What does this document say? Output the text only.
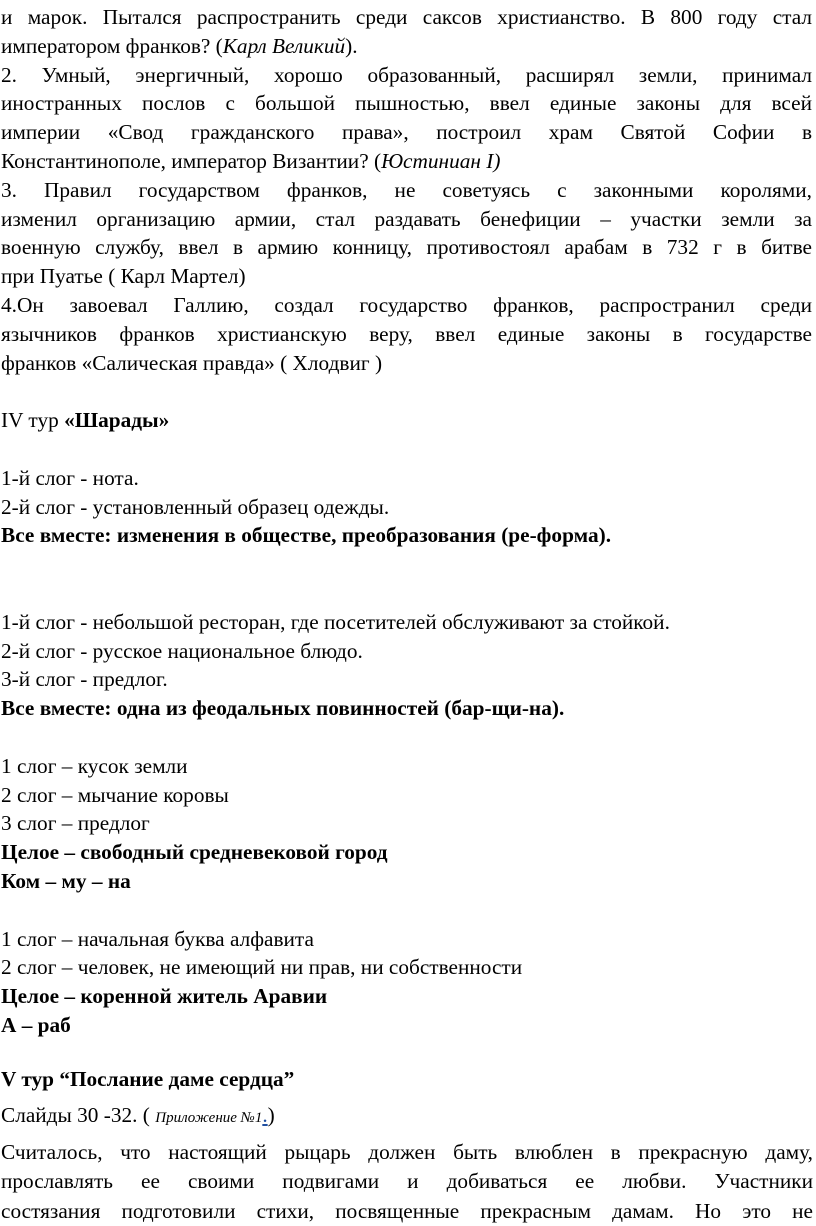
и марок. Пытался распространить среди саксов христианство. В 800 году стал
императором франков? (Карл Великий).
2. Умный, энергичный, хорошо образованный, расширял земли, принимал
иностранных послов с большой пышностью, ввел единые законы для всей
империи «Свод гражданского права», построил храм Святой Софии в
Константинополе, император Византии? (Юстиниан I)
3. Правил государством франков, не советуясь с законными королями,
изменил организацию армии, стал раздавать бенефиции – участки земли за
военную службу, ввел в армию конницу, противостоял арабам в 732 г в битве
при Пуатье ( Карл Мартел)
4.Он завоевал Галлию, создал государство франков, распространил среди
язычников франков христианскую веру, ввел единые законы в государстве
франков «Салическая правда» ( Хлодвиг )
IV тур «Шарады»
1-й слог - нота.
2-й слог - установленный образец одежды.
Все вместе: изменения в обществе, преобразования (ре-форма).
1-й слог - небольшой ресторан, где посетителей обслуживают за стойкой.
2-й слог - русское национальное блюдо.
3-й слог - предлог.
Все вместе: одна из феодальных повинностей (бар-щи-на).
1 слог – кусок земли
2 слог – мычание коровы
3 слог – предлог
Целое – свободный средневековой город
Ком – му – на
1 слог – начальная буква алфавита
2 слог – человек, не имеющий ни прав, ни собственности
Целое – коренной житель Аравии
А – раб
V тур “Послание даме сердца”
Слайды 30 -32. ( Приложение №1.)
Считалось, что настоящий рыцарь должен быть влюблен в прекрасную даму,
прославлять ее своими подвигами и добиваться ее любви. Участники
состязания подготовили стихи, посвященные прекрасным дамам. Но это не
